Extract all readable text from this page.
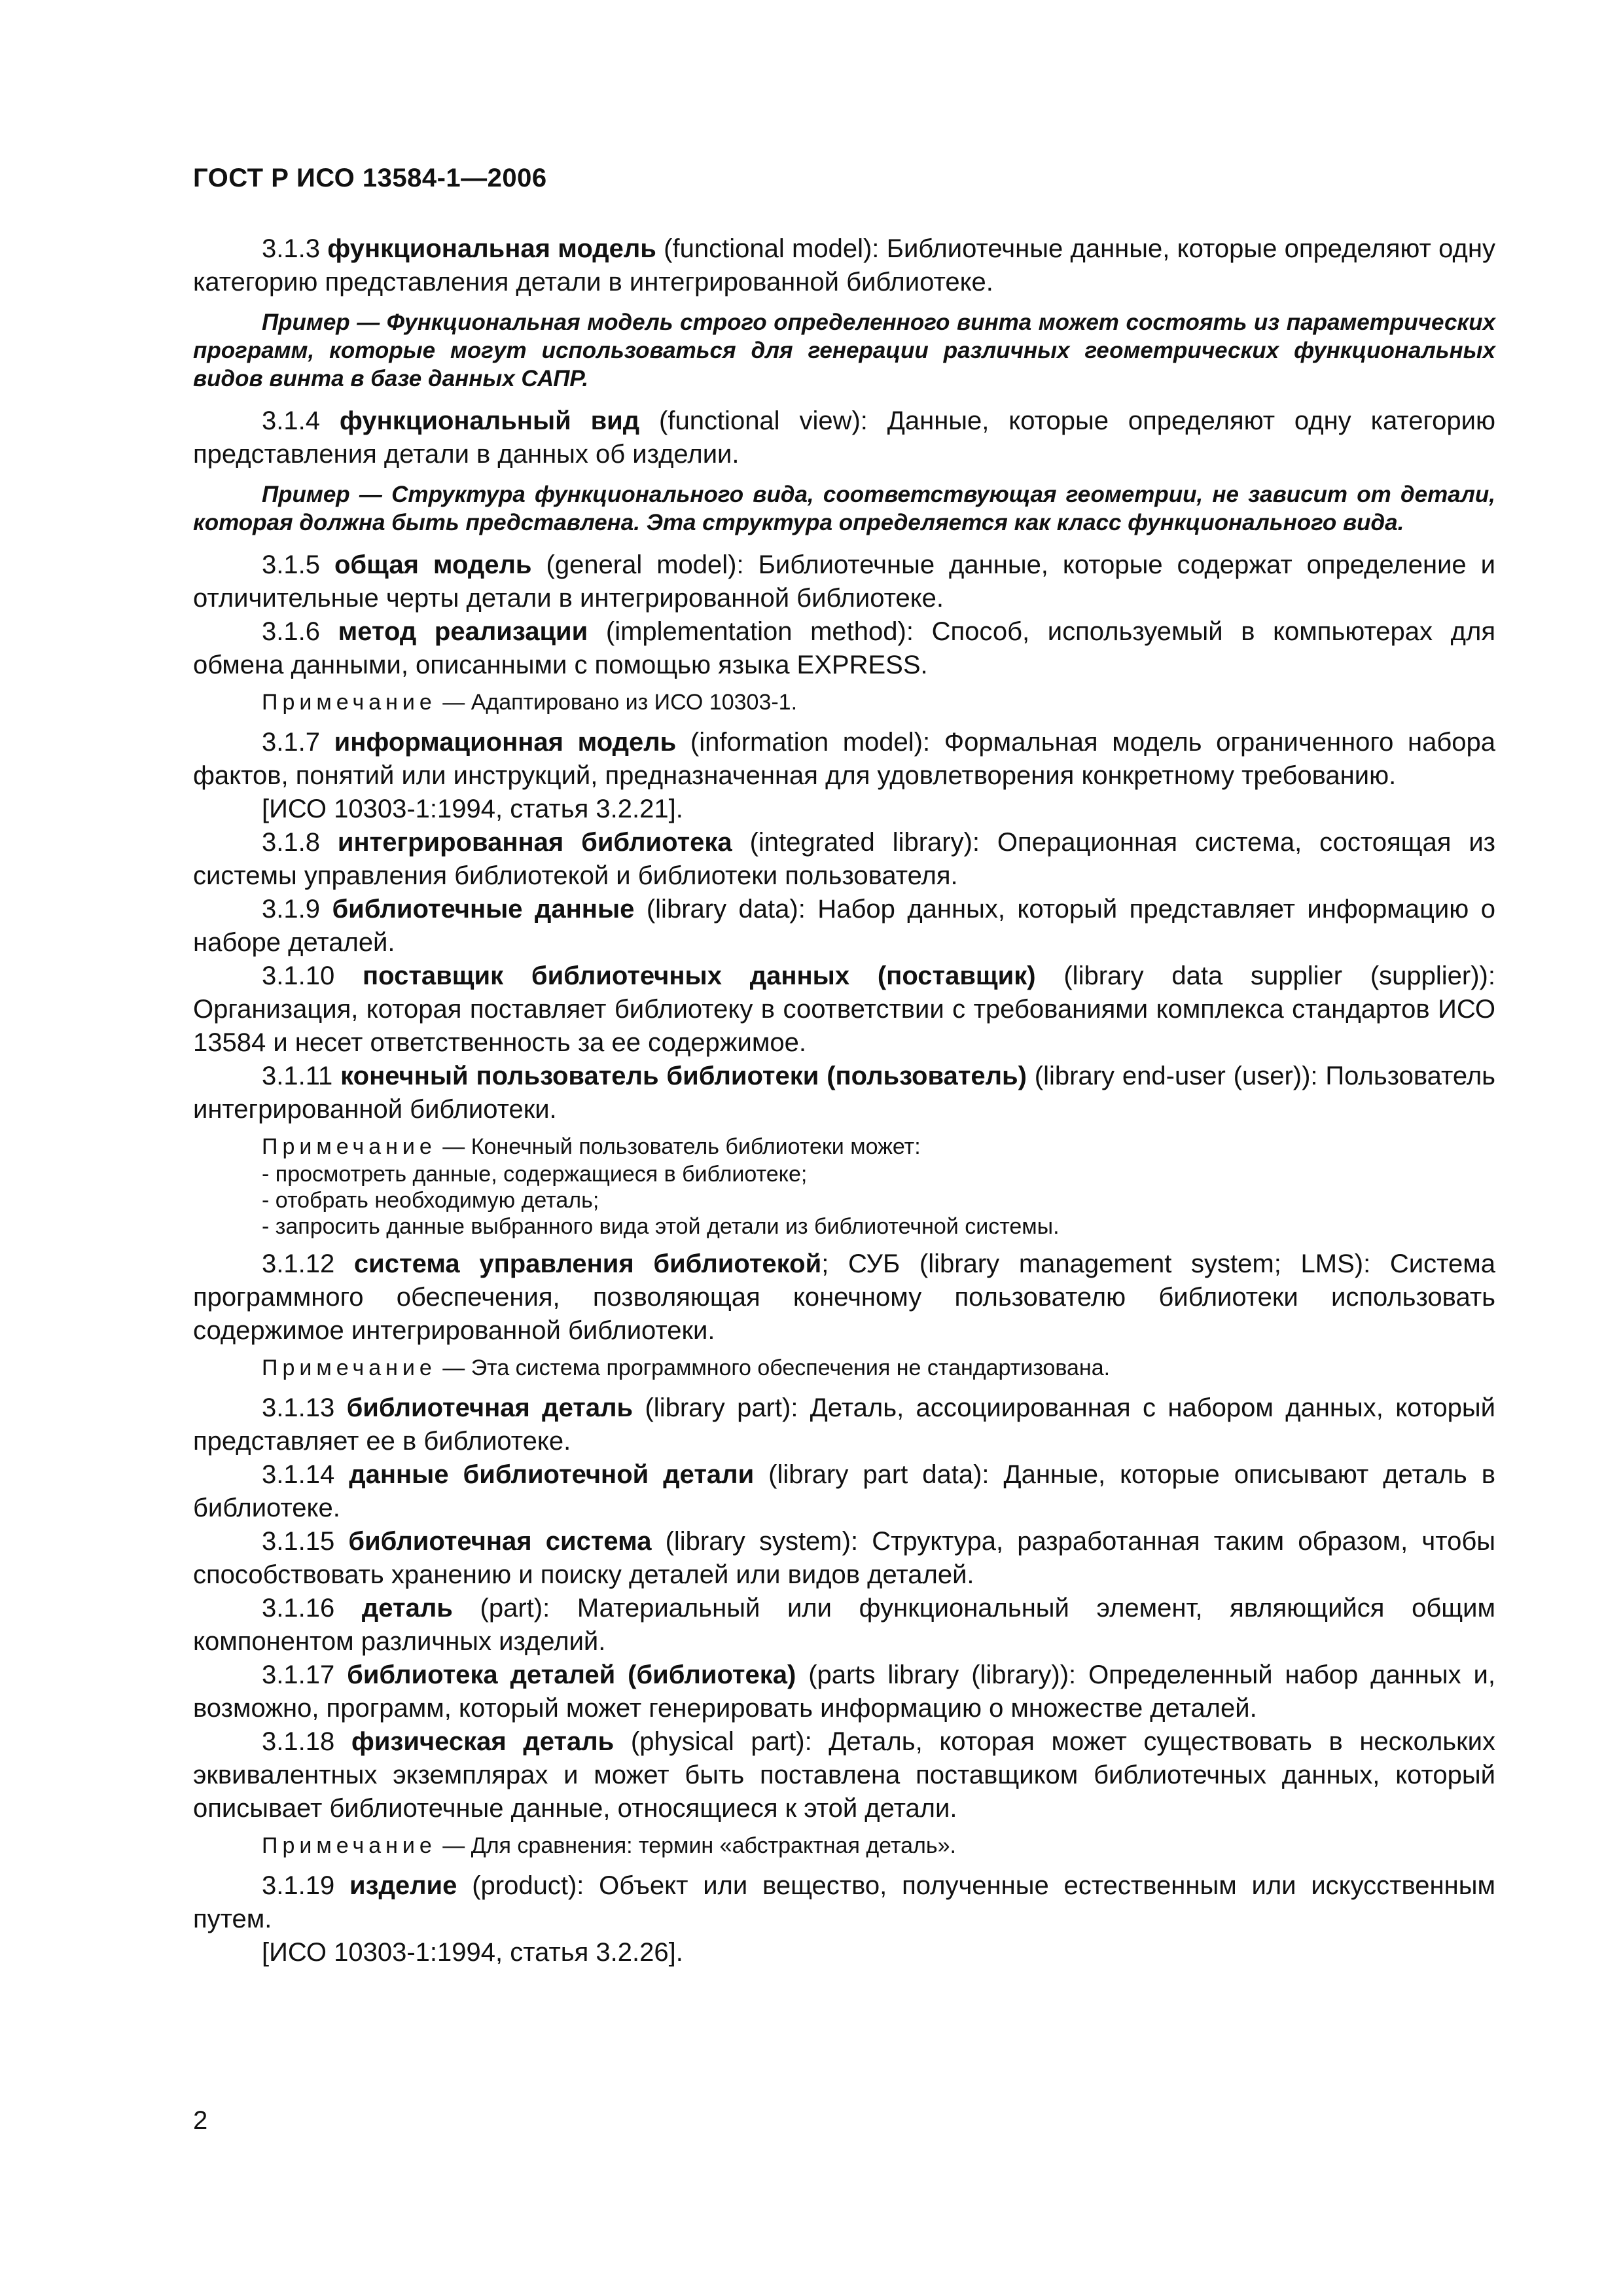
ГОСТ Р ИСО 13584-1—2006

3.1.3 функциональная модель (functional model): Библиотечные данные, которые определяют одну категорию представления детали в интегрированной библиотеке.

Пример — Функциональная модель строго определенного винта может состоять из параметрических программ, которые могут использоваться для генерации различных геометрических функциональных видов винта в базе данных САПР.

3.1.4 функциональный вид (functional view): Данные, которые определяют одну категорию представления детали в данных об изделии.

Пример — Структура функционального вида, соответствующая геометрии, не зависит от детали, которая должна быть представлена. Эта структура определяется как класс функционального вида.

3.1.5 общая модель (general model): Библиотечные данные, которые содержат определение и отличительные черты детали в интегрированной библиотеке.

3.1.6 метод реализации (implementation method): Способ, используемый в компьютерах для обмена данными, описанными с помощью языка EXPRESS.

Примечание — Адаптировано из ИСО 10303-1.

3.1.7 информационная модель (information model): Формальная модель ограниченного набора фактов, понятий или инструкций, предназначенная для удовлетворения конкретному требованию.

[ИСО 10303-1:1994, статья 3.2.21].

3.1.8 интегрированная библиотека (integrated library): Операционная система, состоящая из системы управления библиотекой и библиотеки пользователя.

3.1.9 библиотечные данные (library data): Набор данных, который представляет информацию о наборе деталей.

3.1.10 поставщик библиотечных данных (поставщик) (library data supplier (supplier)): Организация, которая поставляет библиотеку в соответствии с требованиями комплекса стандартов ИСО 13584 и несет ответственность за ее содержимое.

3.1.11 конечный пользователь библиотеки (пользователь) (library end-user (user)): Пользователь интегрированной библиотеки.

Примечание — Конечный пользователь библиотеки может:

- просмотреть данные, содержащиеся в библиотеке;
- отобрать необходимую деталь;
- запросить данные выбранного вида этой детали из библиотечной системы.

3.1.12 система управления библиотекой; СУБ (library management system; LMS): Система программного обеспечения, позволяющая конечному пользователю библиотеки использовать содержимое интегрированной библиотеки.

Примечание — Эта система программного обеспечения не стандартизована.

3.1.13 библиотечная деталь (library part): Деталь, ассоциированная с набором данных, который представляет ее в библиотеке.

3.1.14 данные библиотечной детали (library part data): Данные, которые описывают деталь в библиотеке.

3.1.15 библиотечная система (library system): Структура, разработанная таким образом, чтобы способствовать хранению и поиску деталей или видов деталей.

3.1.16 деталь (part): Материальный или функциональный элемент, являющийся общим компонентом различных изделий.

3.1.17 библиотека деталей (библиотека) (parts library (library)): Определенный набор данных и, возможно, программ, который может генерировать информацию о множестве деталей.

3.1.18 физическая деталь (physical part): Деталь, которая может существовать в нескольких эквивалентных экземплярах и может быть поставлена поставщиком библиотечных данных, который описывает библиотечные данные, относящиеся к этой детали.

Примечание — Для сравнения: термин «абстрактная деталь».

3.1.19 изделие (product): Объект или вещество, полученные естественным или искусственным путем.

[ИСО 10303-1:1994, статья 3.2.26].

2
